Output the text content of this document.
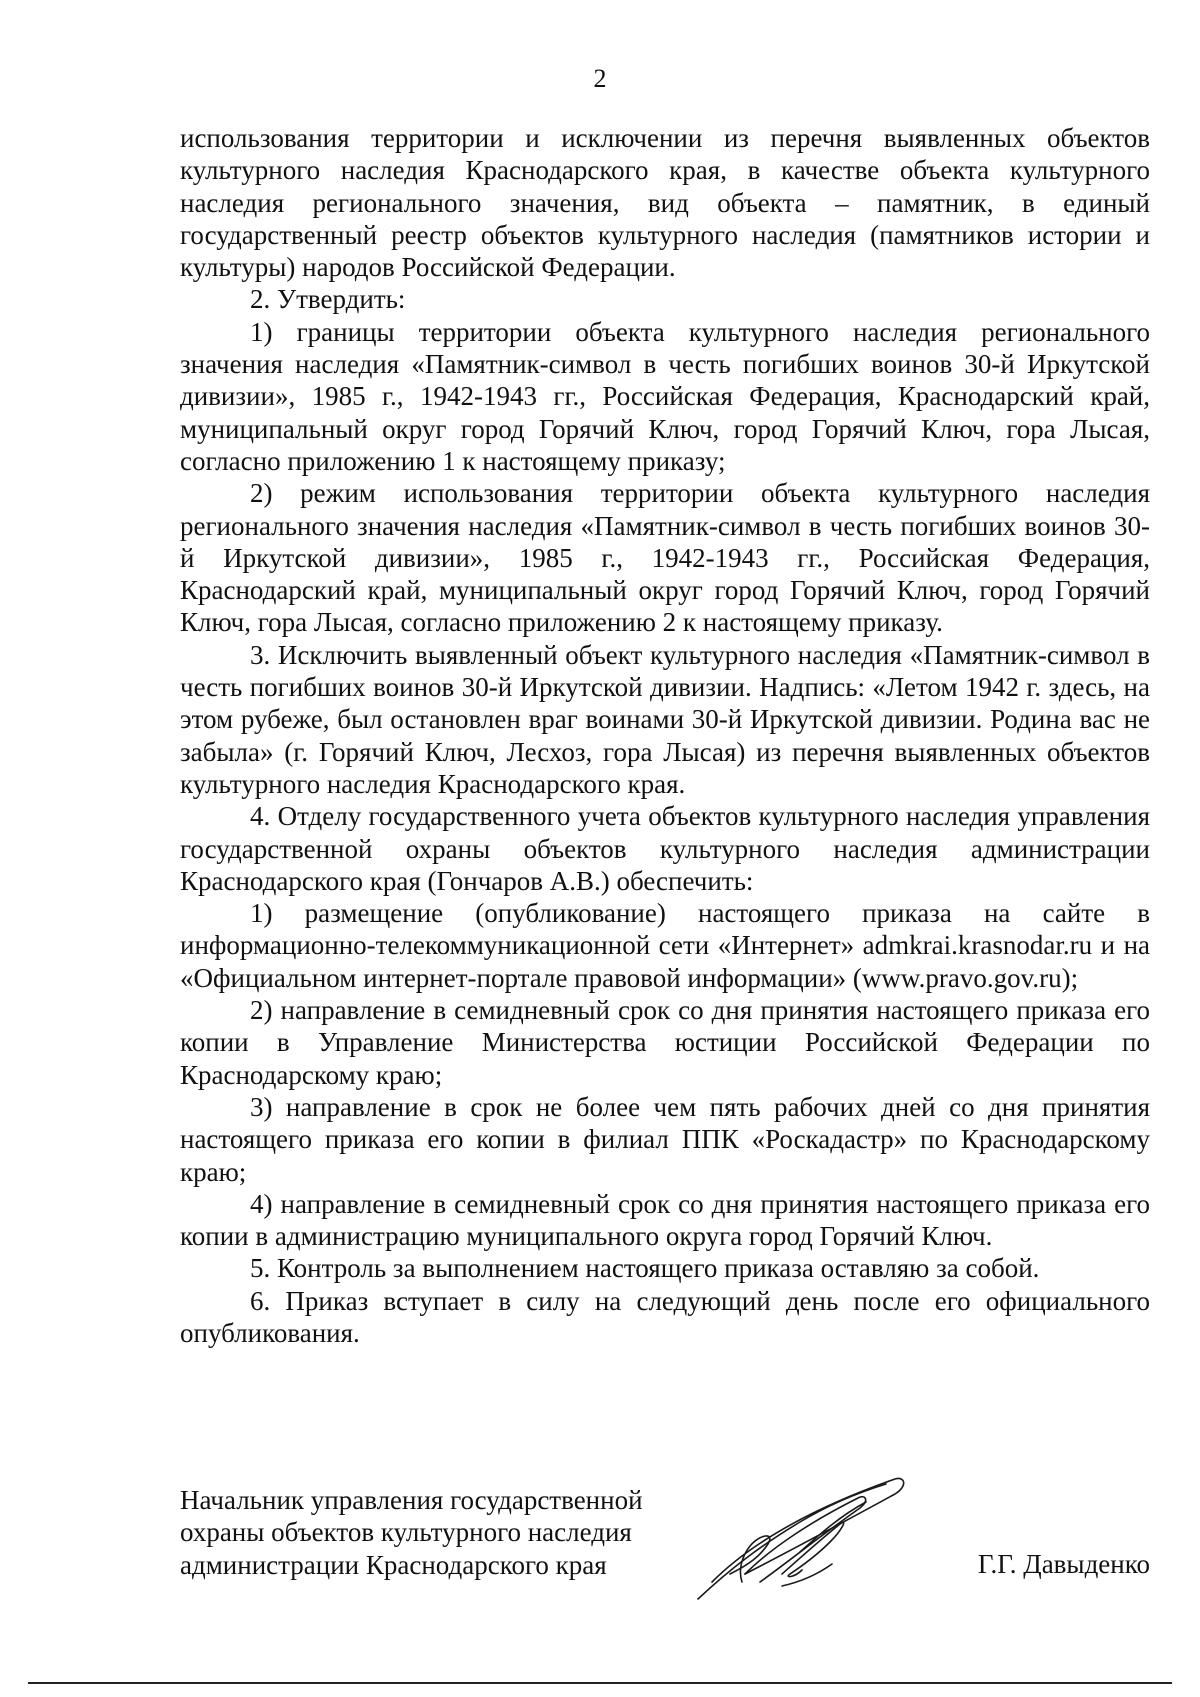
2

использования территории и исключении из перечня выявленных объектов культурного наследия Краснодарского края, в качестве объекта культурного наследия регионального значения, вид объекта – памятник, в единый государственный реестр объектов культурного наследия (памятников истории и культуры) народов Российской Федерации.

2. Утвердить:

1) границы территории объекта культурного наследия регионального значения наследия «Памятник-символ в честь погибших воинов 30-й Иркутской дивизии», 1985 г., 1942-1943 гг., Российская Федерация, Краснодарский край, муниципальный округ город Горячий Ключ, город Горячий Ключ, гора Лысая, согласно приложению 1 к настоящему приказу;

2) режим использования территории объекта культурного наследия регионального значения наследия «Памятник-символ в честь погибших воинов 30-й Иркутской дивизии», 1985 г., 1942-1943 гг., Российская Федерация, Краснодарский край, муниципальный округ город Горячий Ключ, город Горячий Ключ, гора Лысая, согласно приложению 2 к настоящему приказу.

3. Исключить выявленный объект культурного наследия «Памятник-символ в честь погибших воинов 30-й Иркутской дивизии. Надпись: «Летом 1942 г. здесь, на этом рубеже, был остановлен враг воинами 30-й Иркутской дивизии. Родина вас не забыла» (г. Горячий Ключ, Лесхоз, гора Лысая) из перечня выявленных объектов культурного наследия Краснодарского края.

4. Отделу государственного учета объектов культурного наследия управления государственной охраны объектов культурного наследия администрации Краснодарского края (Гончаров А.В.) обеспечить:

1) размещение (опубликование) настоящего приказа на сайте в информационно-телекоммуникационной сети «Интернет» admkrai.krasnodar.ru и на «Официальном интернет-портале правовой информации» (www.pravo.gov.ru);

2) направление в семидневный срок со дня принятия настоящего приказа его копии в Управление Министерства юстиции Российской Федерации по Краснодарскому краю;

3) направление в срок не более чем пять рабочих дней со дня принятия настоящего приказа его копии в филиал ППК «Роскадастр» по Краснодарскому краю;

4) направление в семидневный срок со дня принятия настоящего приказа его копии в администрацию муниципального округа город Горячий Ключ.

5. Контроль за выполнением настоящего приказа оставляю за собой.

6. Приказ вступает в силу на следующий день после его официального опубликования.

Начальник управления государственной
охраны объектов культурного наследия
администрации Краснодарского края	Г.Г. Давыденко
